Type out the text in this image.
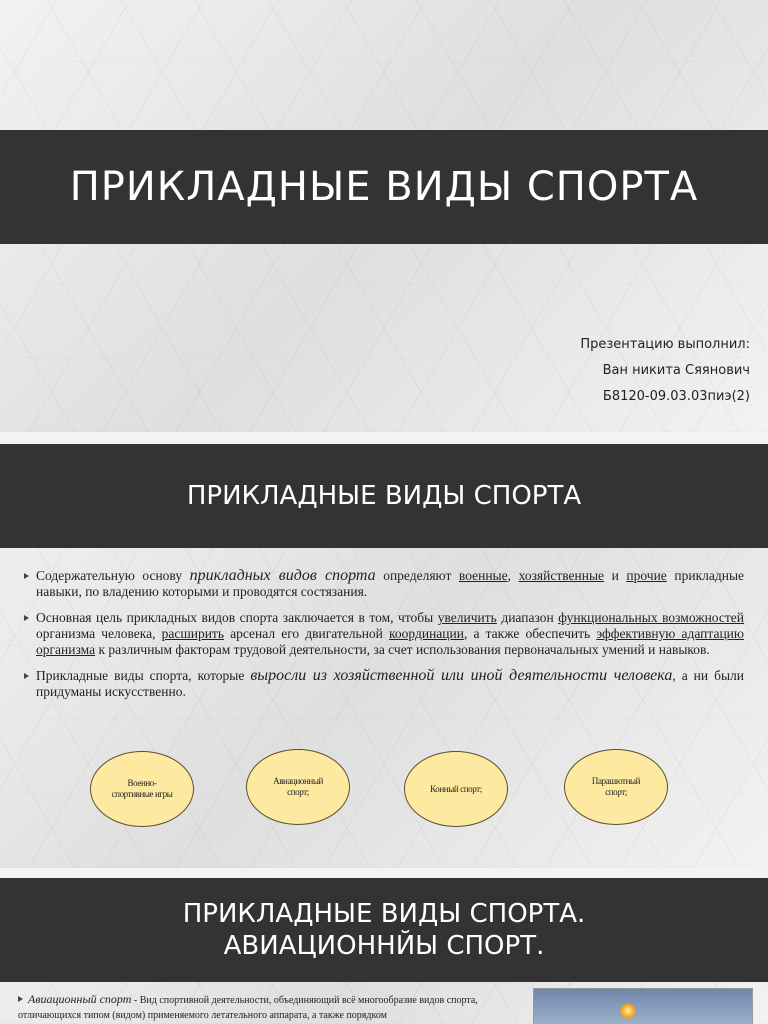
ПРИКЛАДНЫЕ ВИДЫ СПОРТА
Презентацию выполнил:
Ван никита Сяянович
Б8120-09.03.03пиэ(2)
ПРИКЛАДНЫЕ ВИДЫ СПОРТА
Содержательную основу прикладных видов спорта определяют военные, хозяйственные и прочие прикладные навыки, по владению которыми и проводятся состязания.
Основная цель прикладных видов спорта заключается в том, чтобы увеличить диапазон функциональных возможностей организма человека, расширить арсенал его двигательной координации, а также обеспечить эффективную адаптацию организма к различным факторам трудовой деятельности, за счет использования первоначальных умений и навыков.
Прикладные виды спорта, которые выросли из хозяйственной или иной деятельности человека, а ни были придуманы искусственно.
Военно-спортивные игры
Авиационный спорт;	Конный спорт;
Парашютный спорт;
ПРИКЛАДНЫЕ ВИДЫ СПОРТА.
АВИАЦИОННЙЫ СПОРТ.
Авиационный спорт - Вид спортивной деятельности, объединяющий всё многообразие видов спорта, отличающихся типом (видом) применяемого летательного аппарата, а также порядком
